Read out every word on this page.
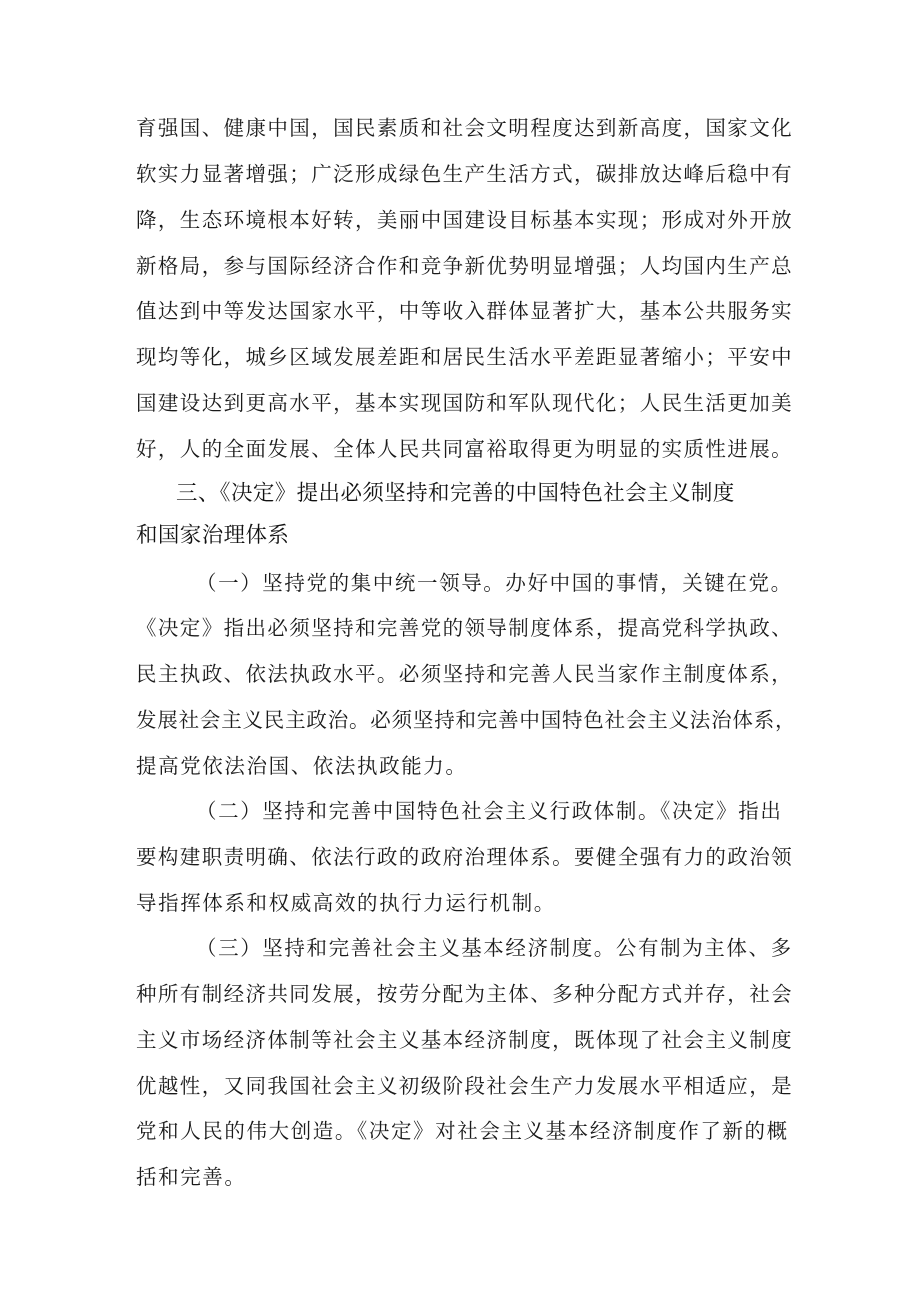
育强国、健康中国，国民素质和社会文明程度达到新高度，国家文化
软实力显著增强；广泛形成绿色生产生活方式，碳排放达峰后稳中有
降，生态环境根本好转，美丽中国建设目标基本实现；形成对外开放
新格局，参与国际经济合作和竞争新优势明显增强；人均国内生产总
值达到中等发达国家水平，中等收入群体显著扩大，基本公共服务实
现均等化，城乡区域发展差距和居民生活水平差距显著缩小；平安中
国建设达到更高水平，基本实现国防和军队现代化；人民生活更加美
好，人的全面发展、全体人民共同富裕取得更为明显的实质性进展。
三、《决定》提出必须坚持和完善的中国特色社会主义制度
和国家治理体系
（一）坚持党的集中统一领导。办好中国的事情，关键在党。
《决定》指出必须坚持和完善党的领导制度体系，提高党科学执政、
民主执政、依法执政水平。必须坚持和完善人民当家作主制度体系，
发展社会主义民主政治。必须坚持和完善中国特色社会主义法治体系，
提高党依法治国、依法执政能力。
（二）坚持和完善中国特色社会主义行政体制。《决定》指出
要构建职责明确、依法行政的政府治理体系。要健全强有力的政治领
导指挥体系和权威高效的执行力运行机制。
（三）坚持和完善社会主义基本经济制度。公有制为主体、多
种所有制经济共同发展，按劳分配为主体、多种分配方式并存，社会
主义市场经济体制等社会主义基本经济制度，既体现了社会主义制度
优越性，又同我国社会主义初级阶段社会生产力发展水平相适应，是
党和人民的伟大创造。《决定》对社会主义基本经济制度作了新的概
括和完善。
